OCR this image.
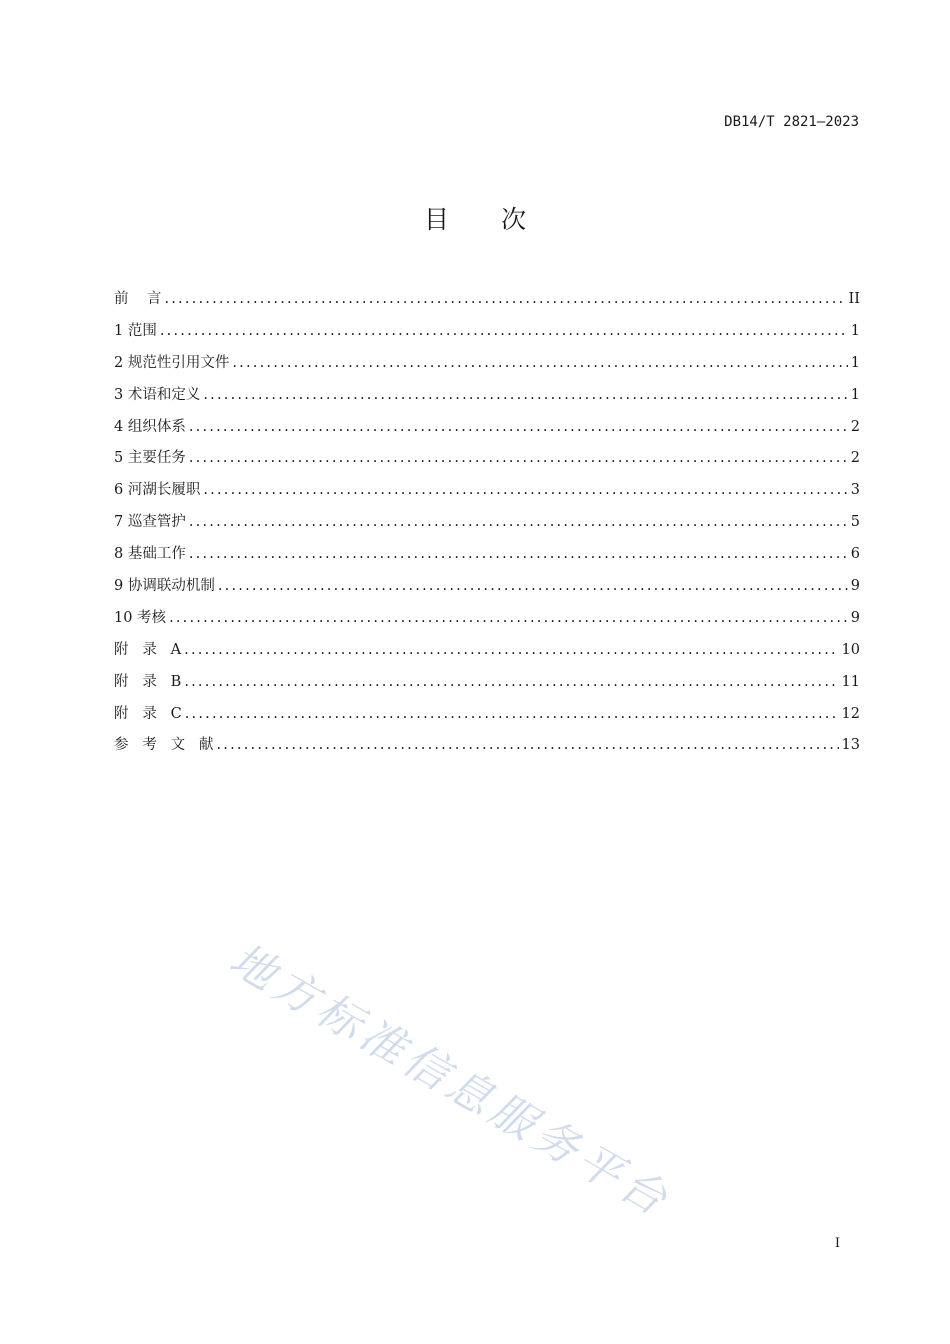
DB14/T 2821—2023
目 次
前    言 .....	II
1 范围 .....	1
2 规范性引用文件 .....	1
3 术语和定义 .....	1
4 组织体系 .....	2
5 主要任务 .....	2
6 河湖长履职 .....	3
7 巡查管护 .....	5
8 基础工作 .....	6
9 协调联动机制 .....	9
10 考核 .....	9
附   录   A .....	10
附   录   B .....	11
附   录   C .....	12
参   考   文   献 .....	13
地方标准信息服务平台
I
